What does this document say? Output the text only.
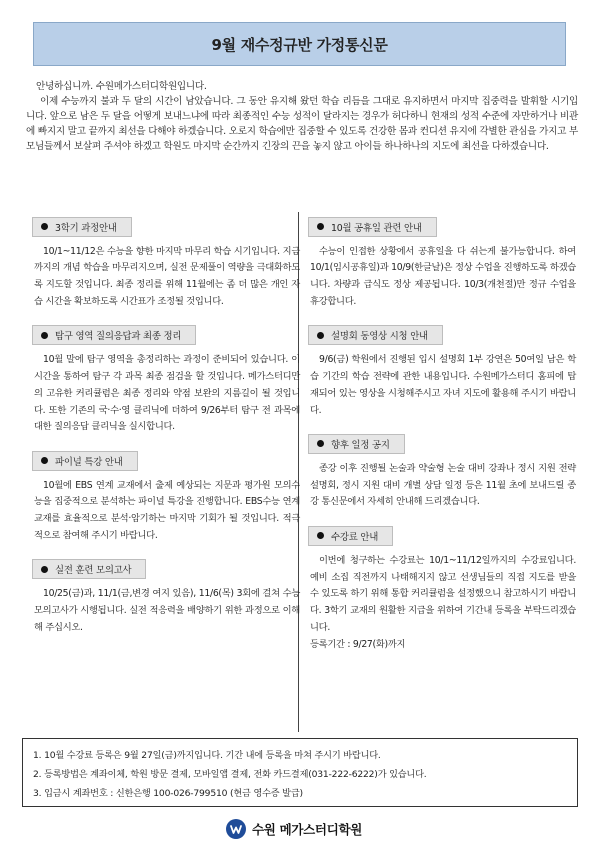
9월 재수정규반 가정통신문

안녕하십니까. 수원메가스터디학원입니다.

이제 수능까지 불과 두 달의 시간이 남았습니다. 그 동안 유지해 왔던 학습 리듬을 그대로 유지하면서 마지막 집중력을 발휘할 시기입니다. 앞으로 남은 두 달을 어떻게 보내느냐에 따라 최종적인 수능 성적이 달라지는 경우가 허다하니 현재의 성적 수준에 자만하거나 비관에 빠지지 말고 끝까지 최선을 다해야 하겠습니다. 오로지 학습에만 집중할 수 있도록 건강한 몸과 컨디션 유지에 각별한 관심을 가지고 부모님들께서 보살펴 주셔야 하겠고 학원도 마지막 순간까지 긴장의 끈을 놓지 않고 아이들 하나하나의 지도에 최선을 다하겠습니다.

3학기 과정안내
10/1~11/12은 수능을 향한 마지막 마무리 학습 시기입니다. 지금까지의 개념 학습을 마무리지으며, 실전 문제풀이 역량을 극대화하도록 지도할 것입니다. 최종 정리를 위해 11월에는 좀 더 많은 개인 자습 시간을 확보하도록 시간표가 조정될 것입니다.
탐구 영역 질의응답과 최종 정리
10월 말에 탐구 영역을 총정리하는 과정이 준비되어 있습니다. 이 시간을 통하여 탐구 각 과목 최종 점검을 할 것입니다. 메가스터디만의 고유한 커리큘럼은 최종 정리와 약점 보완의 지름길이 될 것입니다. 또한 기존의 국·수·영 클리닉에 더하여 9/26부터 탐구 전 과목에 대한 질의응답 클리닉을 실시합니다.
파이널 특강 안내
10월에 EBS 연계 교재에서 출제 예상되는 지문과 평가원 모의수능을 집중적으로 분석하는 파이널 특강을 진행합니다. EBS수능 연계 교재를 효율적으로 분석·암기하는 마지막 기회가 될 것입니다. 적극적으로 참여해 주시기 바랍니다.
실전 훈련 모의고사
10/25(금)과, 11/1(금,변경 여지 있음), 11/6(목) 3회에 걸쳐 수능 모의고사가 시행됩니다. 실전 적응력을 배양하기 위한 과정으로 이해해 주십시오.
10월 공휴일 관련 안내
수능이 인접한 상황에서 공휴일을 다 쉬는게 불가능합니다. 하여 10/1(임시공휴일)과 10/9(한글날)은 정상 수업을 진행하도록 하겠습니다. 차량과 급식도 정상 제공됩니다. 10/3(개천절)만 정규 수업을 휴강합니다.
설명회 동영상 시청 안내
9/6(금) 학원에서 진행된 입시 설명회 1부 강연은 50여일 남은 학습 기간의 학습 전략에 관한 내용입니다. 수원메가스터디 홈피에 탑재되어 있는 영상을 시청해주시고 자녀 지도에 활용해 주시기 바랍니다.
향후 일정 공지
종강 이후 진행될 논술과 약술형 논술 대비 강좌나 정시 지원 전략 설명회, 정시 지원 대비 개별 상담 일정 등은 11월 초에 보내드릴 종강 통신문에서 자세히 안내해 드리겠습니다.
수강료 안내
이번에 청구하는 수강료는 10/1~11/12일까지의 수강료입니다. 예비 소집 직전까지 나태해지지 않고 선생님들의 직접 지도를 받을 수 있도록 하기 위해 통합 커리큘럼을 설정했으니 참고하시기 바랍니다. 3학기 교재의 원활한 지급을 위하여 기간내 등록을 부탁드리겠습니다.
등록기간 : 9/27(화)까지

1. 10월 수강료 등록은 9월 27일(금)까지입니다. 기간 내에 등록을 마쳐 주시기 바랍니다.

2. 등록방법은 계좌이체, 학원 방문 결제, 모바일앱 결제, 전화 카드결제(031-222-6222)가 있습니다.

3. 입금시 계좌번호 : 신한은행 100-026-799510 (현금 영수증 발급)

수원 메가스터디학원
